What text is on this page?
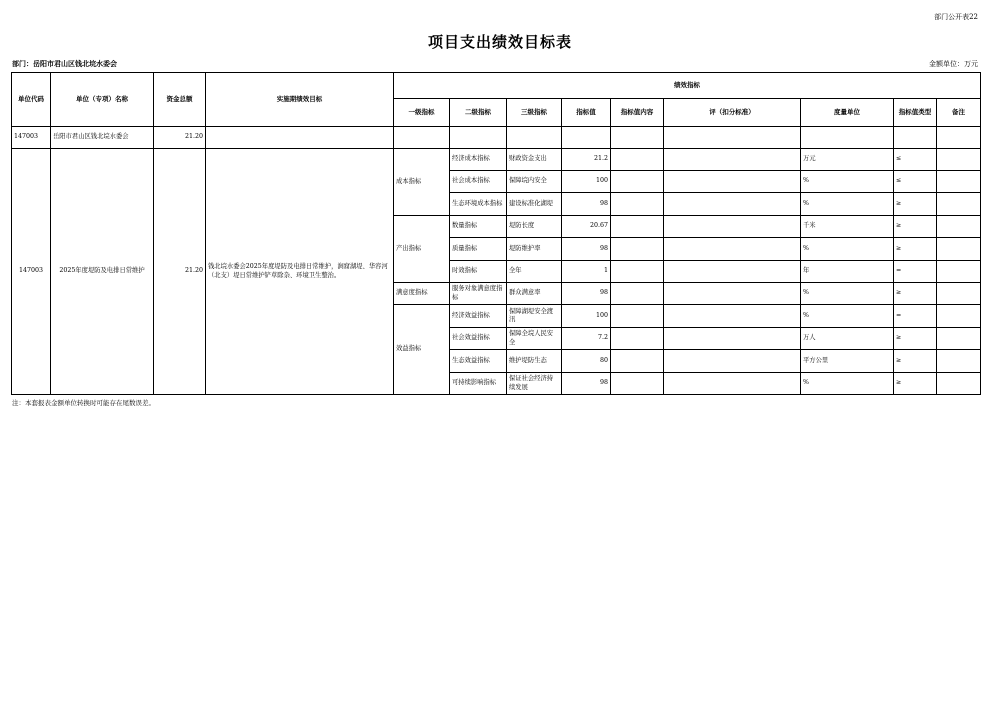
部门公开表22
项目支出绩效目标表
部门：岳阳市君山区钱北垸水委会	金额单位：万元
单位代码	单位（专项）名称	资金总额	实施期绩效目标	绩效指标								
				一级指标	二级指标	三级指标	指标值	指标值内容	评（扣分标准）	度量单位	指标值类型	备注
147003	岳阳市君山区钱北垸水委会	21.20										
147003	2025年度堤防及电排日常维护	21.20	钱北垸水委会2025年度堤防及电排日常维护，涧窟湖堤、华容河（北支）堤日常维护铲草除杂、环境卫生整治。	成本指标	经济成本指标	财政资金支出	21.2			万元	≤	
					社会成本指标	保障垸内安全	100			%	≤	
					生态环境成本指标	建设标准化湖堤	98			%	≥	
				产出指标	数量指标	堤防长度	20.67			千米	≥	
					质量指标	堤防维护率	98			%	≥	
					时效指标	全年	1			年	=	
				满意度指标	服务对象满意度指标	群众满意率	98			%	≥	
				效益指标	经济效益指标	保障湖堤安全渡汛	100			%	=	
					社会效益指标	保障全垸人民安全	7.2			万人	≥	
					生态效益指标	维护堤防生态	80			平方公里	≥	
					可持续影响指标	保证社会经济持续发展	98			%	≥	
注：本套报表金额单位转换时可能存在尾数误差。
